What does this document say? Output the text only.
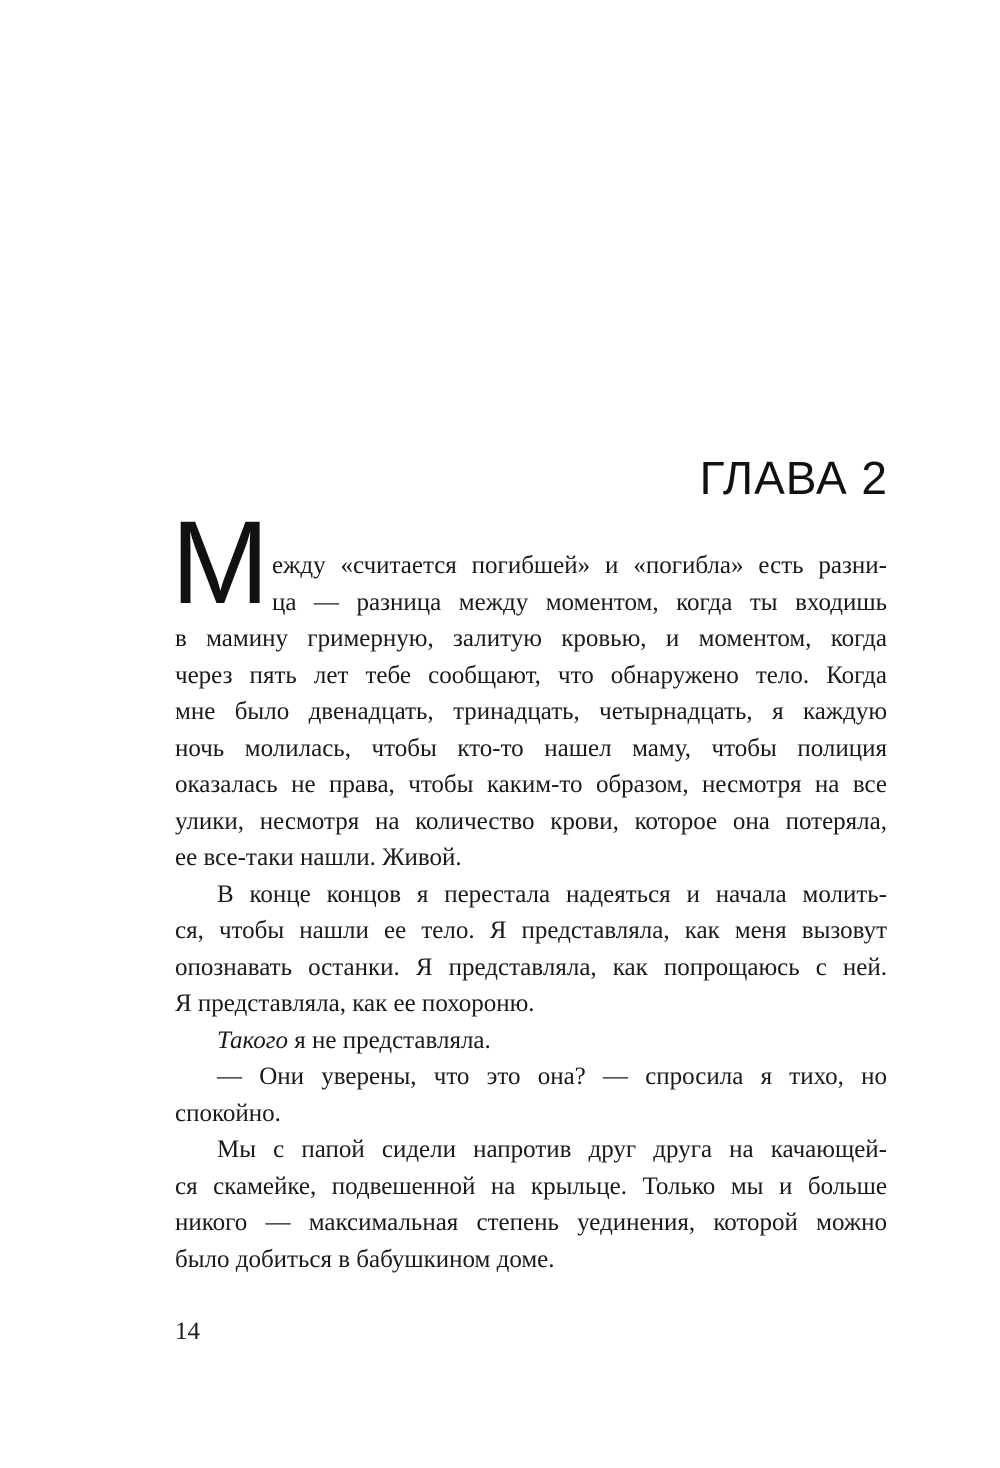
ГЛАВА 2
М ежду «считается погибшей» и «погибла» есть разни-
ца — разница между моментом, когда ты входишь
в мамину гримерную, залитую кровью, и моментом, когда
через пять лет тебе сообщают, что обнаружено тело. Когда
мне было двенадцать, тринадцать, четырнадцать, я каждую
ночь молилась, чтобы кто-то нашел маму, чтобы полиция
оказалась не права, чтобы каким-то образом, несмотря на все
улики, несмотря на количество крови, которое она потеряла,
ее все-таки нашли. Живой.
В конце концов я перестала надеяться и начала молить-
ся, чтобы нашли ее тело. Я представляла, как меня вызовут
опознавать останки. Я представляла, как попрощаюсь с ней.
Я представляла, как ее похороню.
Такого я не представляла.
— Они уверены, что это она? — спросила я тихо, но
спокойно.
Мы с папой сидели напротив друг друга на качающей-
ся скамейке, подвешенной на крыльце. Только мы и больше
никого — максимальная степень уединения, которой можно
было добиться в бабушкином доме.
14
